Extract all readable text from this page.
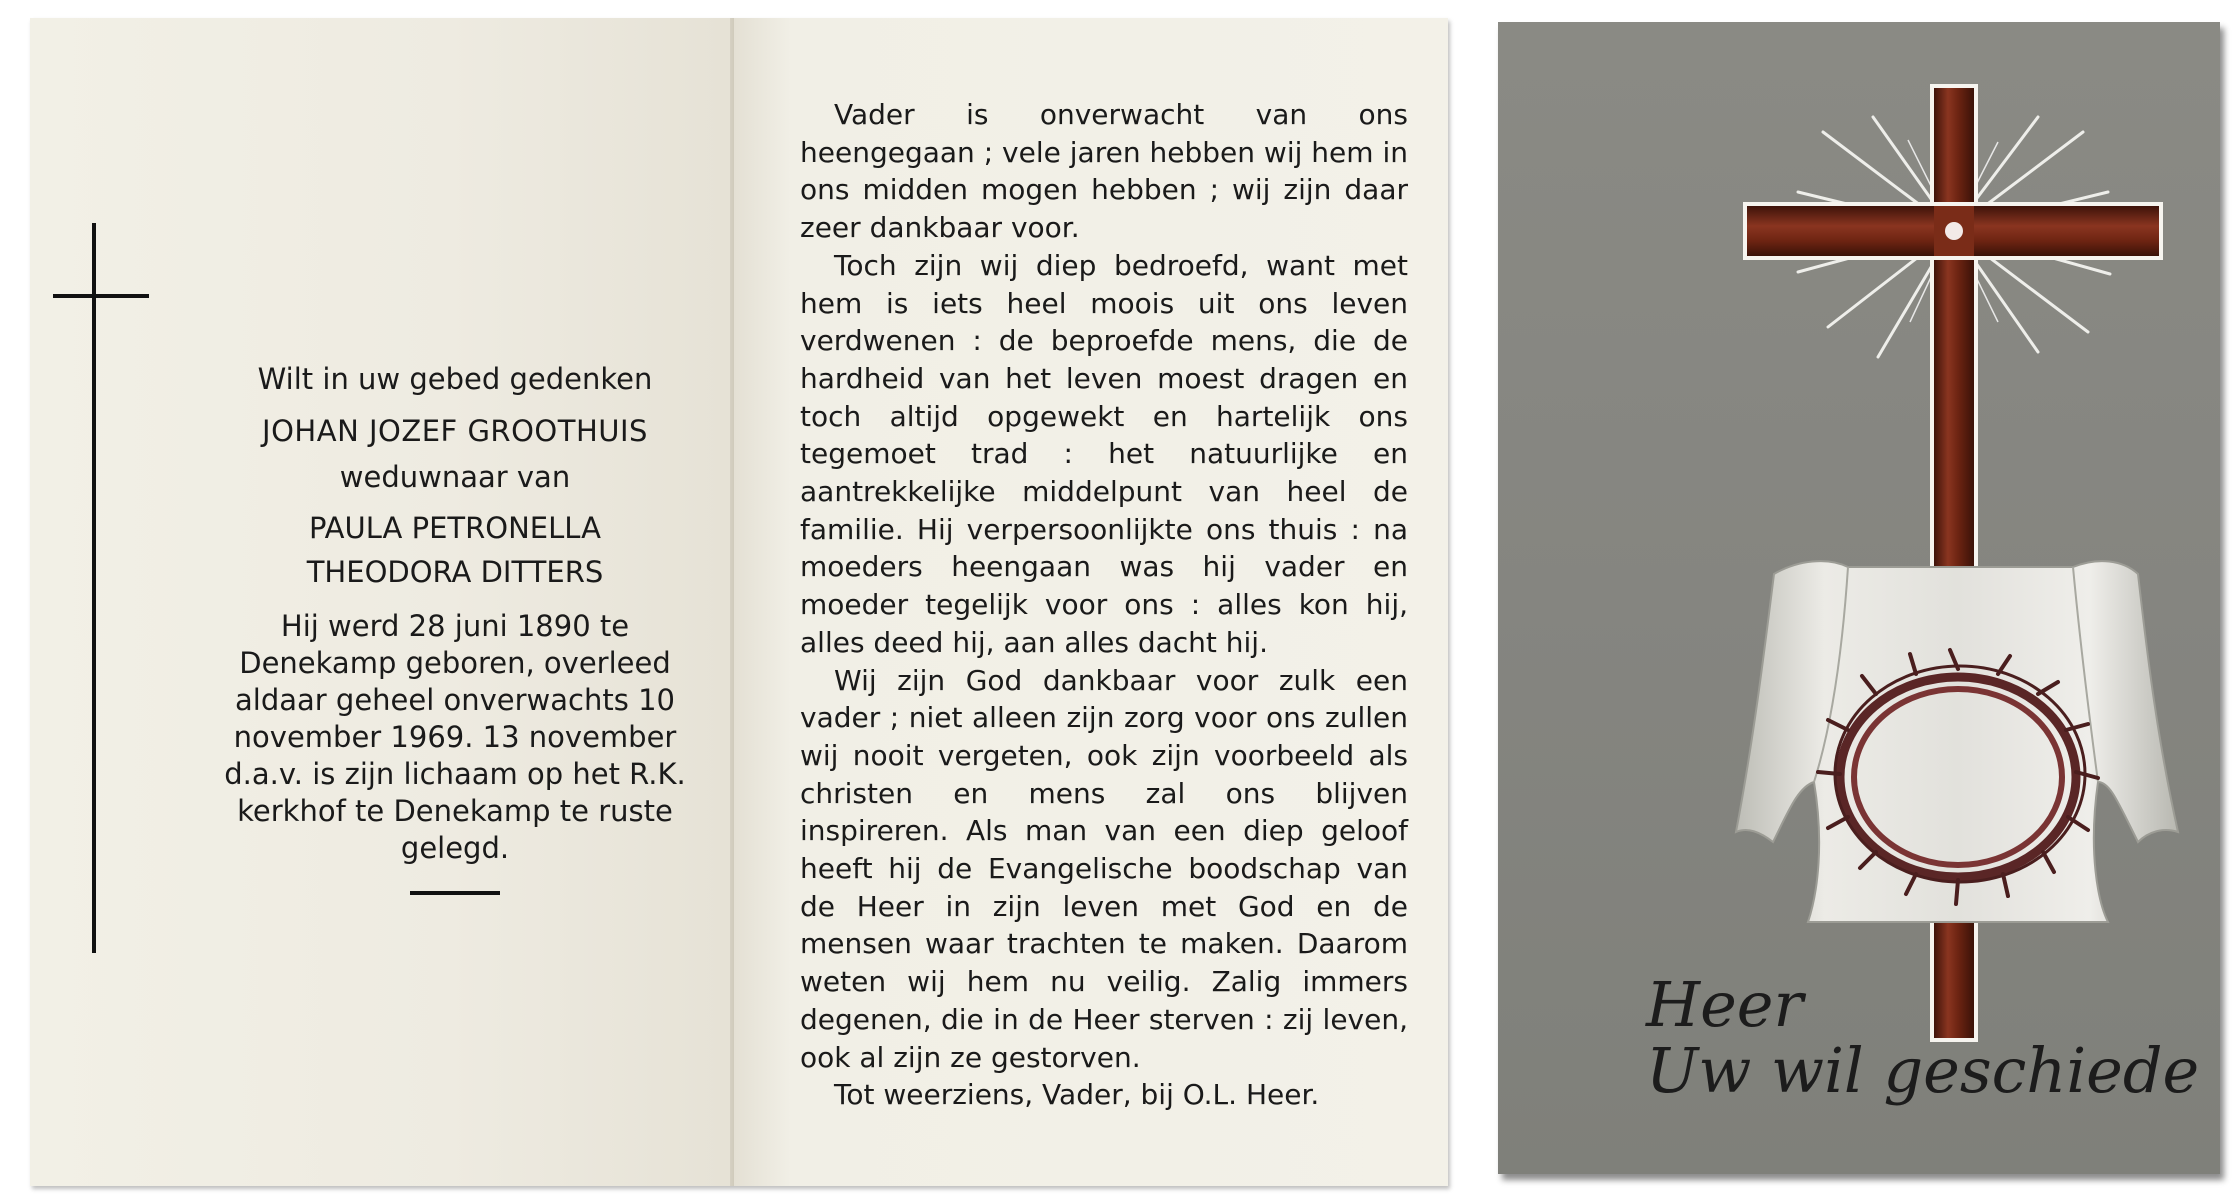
Wilt in uw gebed gedenken
JOHAN JOZEF GROOTHUIS
weduwnaar van
PAULA PETRONELLA
THEODORA DITTERS
Hij werd 28 juni 1890 te Denekamp geboren, overleed aldaar geheel onverwachts 10 november 1969. 13 november d.a.v. is zijn lichaam op het R.K. kerkhof te Denekamp te ruste gelegd.

Vader is onverwacht van ons heengegaan ; vele jaren hebben wij hem in ons midden mogen hebben ; wij zijn daar zeer dankbaar voor.

Toch zijn wij diep bedroefd, want met hem is iets heel moois uit ons leven verdwenen : de beproefde mens, die de hardheid van het leven moest dragen en toch altijd opgewekt en hartelijk ons tegemoet trad : het natuurlijke en aantrekkelijke middelpunt van heel de familie. Hij verpersoonlijkte ons thuis : na moeders heengaan was hij vader en moeder tegelijk voor ons : alles kon hij, alles deed hij, aan alles dacht hij.

Wij zijn God dankbaar voor zulk een vader ; niet alleen zijn zorg voor ons zullen wij nooit vergeten, ook zijn voorbeeld als christen en mens zal ons blijven inspireren. Als man van een diep geloof heeft hij de Evangelische boodschap van de Heer in zijn leven met God en de mensen waar trachten te maken. Daarom weten wij hem nu veilig. Zalig immers degenen, die in de Heer sterven : zij leven, ook al zijn ze gestorven.

Tot weerziens, Vader, bij O.L. Heer.

Heer
Uw wil geschiede
